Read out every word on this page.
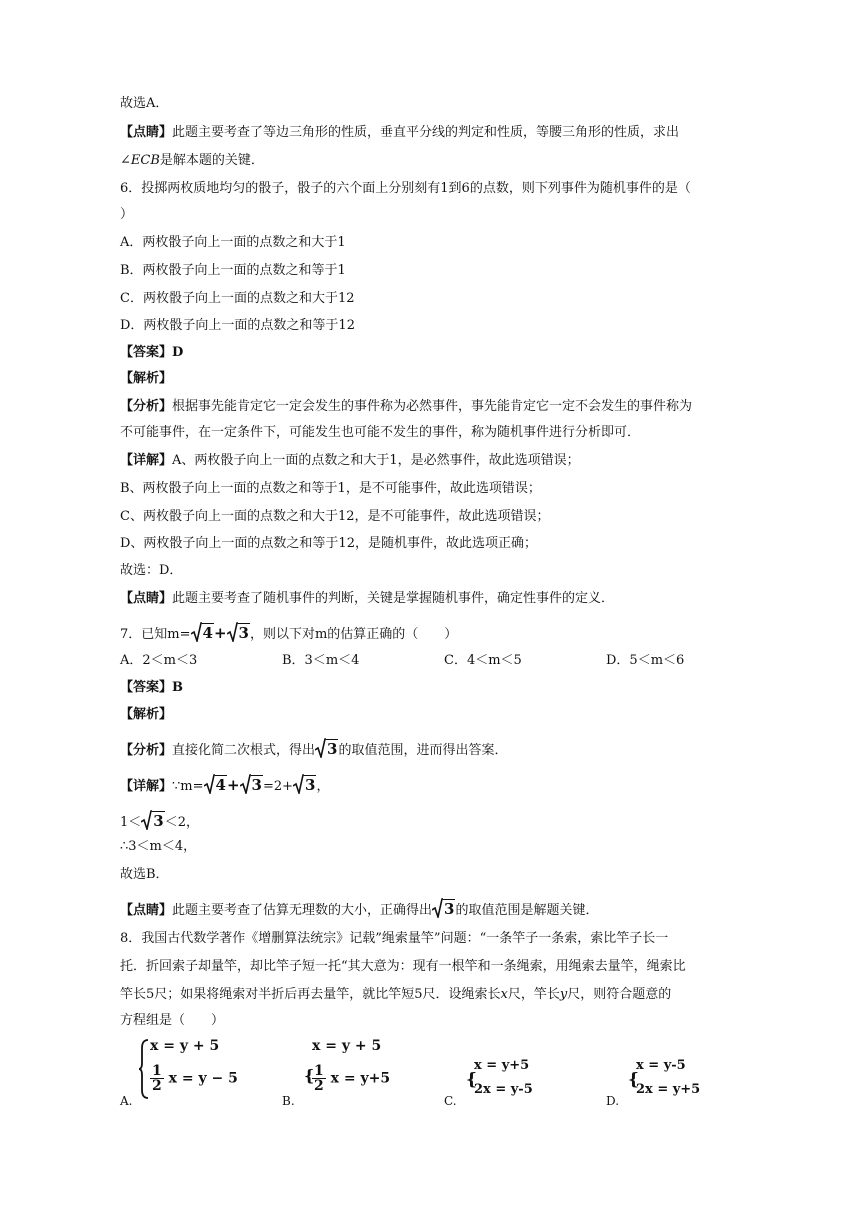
故选A．
【点睛】此题主要考查了等边三角形的性质，垂直平分线的判定和性质，等腰三角形的性质，求出
∠ECB是解本题的关键．
6．投掷两枚质地均匀的骰子，骰子的六个面上分别刻有1到6的点数，则下列事件为随机事件的是（
）
A．两枚骰子向上一面的点数之和大于1
B．两枚骰子向上一面的点数之和等于1
C．两枚骰子向上一面的点数之和大于12
D．两枚骰子向上一面的点数之和等于12
【答案】D
【解析】
【分析】根据事先能肯定它一定会发生的事件称为必然事件，事先能肯定它一定不会发生的事件称为
不可能事件，在一定条件下，可能发生也可能不发生的事件，称为随机事件进行分析即可．
【详解】A、两枚骰子向上一面的点数之和大于1，是必然事件，故此选项错误；
B、两枚骰子向上一面的点数之和等于1，是不可能事件，故此选项错误；
C、两枚骰子向上一面的点数之和大于12，是不可能事件，故此选项错误；
D、两枚骰子向上一面的点数之和等于12，是随机事件，故此选项正确；
故选：D．
【点睛】此题主要考查了随机事件的判断，关键是掌握随机事件，确定性事件的定义．
7．已知m= 4+ 3，则以下对m的估算正确的（　　）
A．2＜m＜3	B．3＜m＜4	C．4＜m＜5	D．5＜m＜6
【答案】B
【解析】
【分析】直接化简二次根式，得出 3的取值范围，进而得出答案．
【详解】∵m= 4+ 3=2+ 3，
1＜ 3＜2，
∴3＜m＜4，
故选B．
【点睛】此题主要考查了估算无理数的大小，正确得出 3的取值范围是解题关键．
8．我国古代数学著作《增删算法统宗》记载”绳索量竿”问题：“一条竿子一条索，索比竿子长一
托．折回索子却量竿，却比竿子短一托“其大意为：现有一根竿和一条绳索，用绳索去量竿，绳索比
竿长5尺；如果将绳索对半折后再去量竿，就比竿短5尺．设绳索长x尺，竿长y尺，则符合题意的
方程组是（　　）
A.
x = y + 5
$\frac{1}{2}$ x = y − 5
B.
x = y + 5
{
$\frac{1}{2}$ x = y+5
C.
{
x = y+5
2x = y-5
D.
{
x = y-5
2x = y+5
